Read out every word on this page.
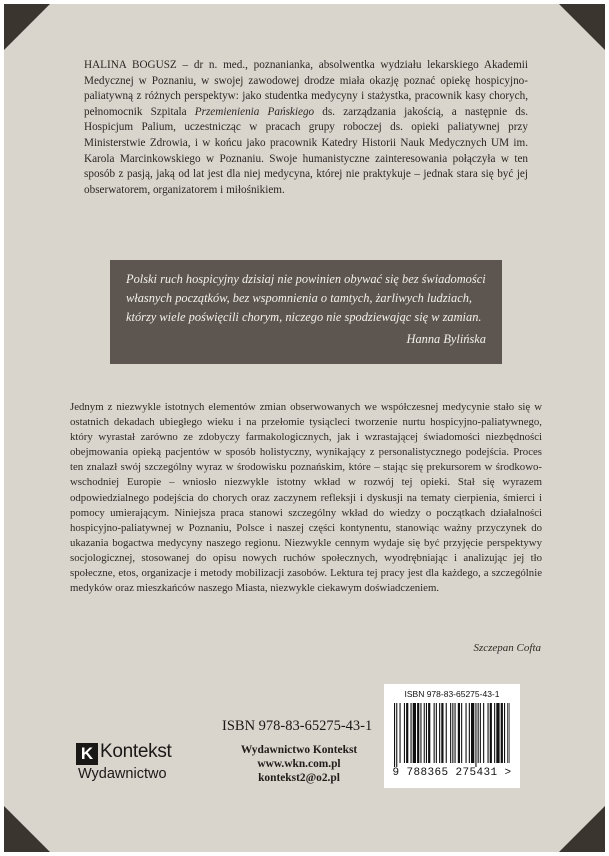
HALINA BOGUSZ – dr n. med., poznanianka, absolwentka wydziału lekarskiego Akademii Medycznej w Poznaniu, w swojej zawodowej drodze miała okazję poznać opiekę hospicyjno-paliatywną z różnych perspektyw: jako studentka medycyny i stażystka, pracownik kasy chorych, pełnomocnik Szpitala Przemienienia Pańskiego ds. zarządzania jakością, a następnie ds. Hospicjum Palium, uczestnicząc w pracach grupy roboczej ds. opieki paliatywnej przy Ministerstwie Zdrowia, i w końcu jako pracownik Katedry Historii Nauk Medycznych UM im. Karola Marcinkowskiego w Poznaniu. Swoje humanistyczne zainteresowania połączyła w ten sposób z pasją, jaką od lat jest dla niej medycyna, której nie praktykuje – jednak stara się być jej obserwatorem, organizatorem i miłośnikiem.

Polski ruch hospicyjny dzisiaj nie powinien obywać się bez świadomości własnych początków, bez wspomnienia o tamtych, żarliwych ludziach, którzy wiele poświęcili chorym, niczego nie spodziewając się w zamian.

Hanna Bylińska

Jednym z niezwykle istotnych elementów zmian obserwowanych we współczesnej medycynie stało się w ostatnich dekadach ubiegłego wieku i na przełomie tysiącleci tworzenie nurtu hospicyjno-paliatywnego, który wyrastał zarówno ze zdobyczy farmakologicznych, jak i wzrastającej świadomości niezbędności obejmowania opieką pacjentów w sposób holistyczny, wynikający z personalistycznego podejścia. Proces ten znalazł swój szczególny wyraz w środowisku poznańskim, które – stając się prekursorem w środkowo-wschodniej Europie – wniosło niezwykle istotny wkład w rozwój tej opieki. Stał się wyrazem odpowiedzialnego podejścia do chorych oraz zaczynem refleksji i dyskusji na tematy cierpienia, śmierci i pomocy umierającym. Niniejsza praca stanowi szczególny wkład do wiedzy o początkach działalności hospicyjno-paliatywnej w Poznaniu, Polsce i naszej części kontynentu, stanowiąc ważny przyczynek do ukazania bogactwa medycyny naszego regionu. Niezwykle cennym wydaje się być przyjęcie perspektywy socjologicznej, stosowanej do opisu nowych ruchów społecznych, wyodrębniając i analizując jej tło społeczne, etos, organizacje i metody mobilizacji zasobów. Lektura tej pracy jest dla każdego, a szczególnie medyków oraz mieszkańców naszego Miasta, niezwykle ciekawym doświadczeniem.

Szczepan Cofta
ISBN 978-83-65275-43-1
K Kontekst
Wydawnictwo
Wydawnictwo Kontekst
www.wkn.com.pl
kontekst2@o2.pl
ISBN 978-83-65275-43-1
9 788365 275431 >
